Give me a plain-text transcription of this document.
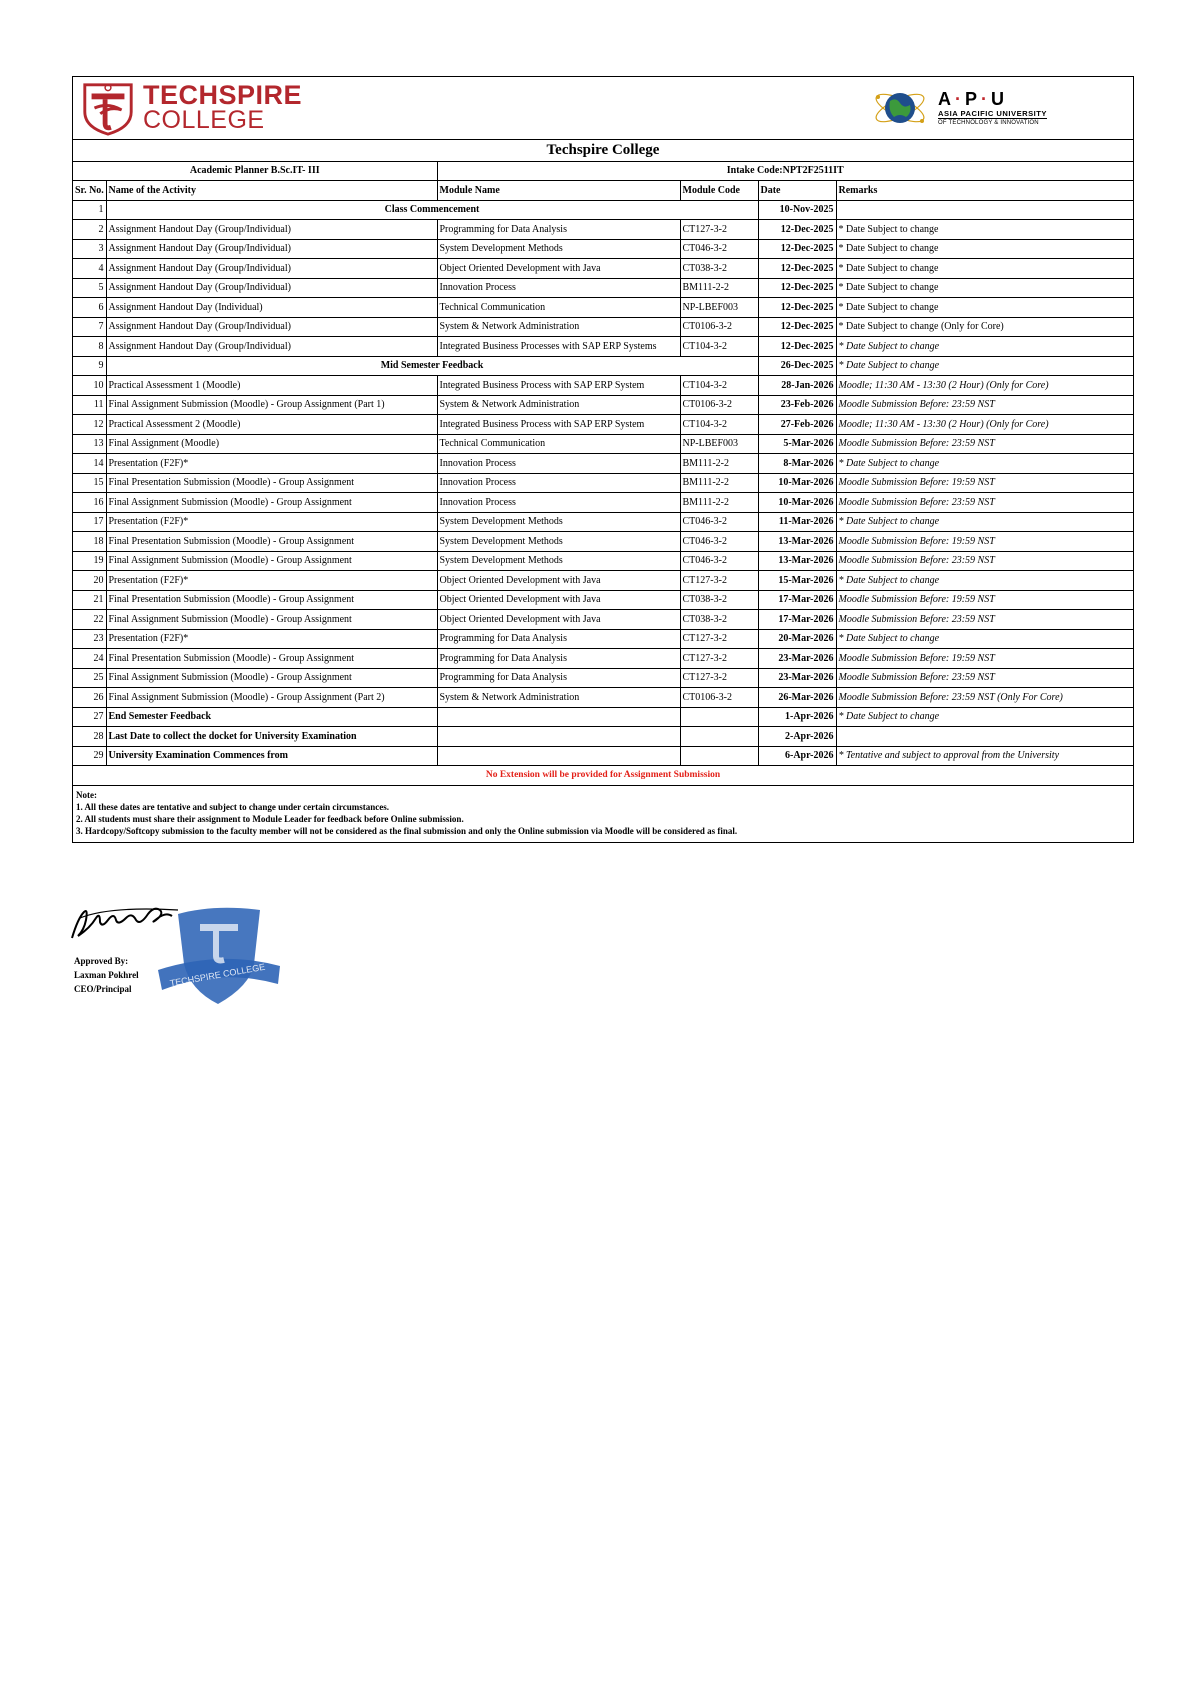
TECHSPIRE
COLLEGE
A·P·U
ASIA PACIFIC UNIVERSITY
OF TECHNOLOGY & INNOVATION
Techspire College					
Academic Planner B.Sc.IT- III		Intake Code:NPT2F2511IT			
Sr. No.	Name of the Activity	Module Name	Module Code	Date	Remarks
1	Class Commencement			10-Nov-2025	
2	Assignment Handout Day (Group/Individual)	Programming for Data Analysis	CT127-3-2	12-Dec-2025	* Date Subject to change
3	Assignment Handout Day (Group/Individual)	System Development Methods	CT046-3-2	12-Dec-2025	* Date Subject to change
4	Assignment Handout Day (Group/Individual)	Object Oriented Development with Java	CT038-3-2	12-Dec-2025	* Date Subject to change
5	Assignment Handout Day (Group/Individual)	Innovation Process	BM111-2-2	12-Dec-2025	* Date Subject to change
6	Assignment Handout Day (Individual)	Technical Communication	NP-LBEF003	12-Dec-2025	* Date Subject to change
7	Assignment Handout Day (Group/Individual)	System & Network Administration	CT0106-3-2	12-Dec-2025	* Date Subject to change (Only for Core)
8	Assignment Handout Day (Group/Individual)	Integrated Business Processes with SAP ERP Systems	CT104-3-2	12-Dec-2025	* Date Subject to change
9	Mid Semester Feedback			26-Dec-2025	* Date Subject to change
10	Practical Assessment 1 (Moodle)	Integrated Business Process with SAP ERP System	CT104-3-2	28-Jan-2026	Moodle; 11:30 AM - 13:30 (2 Hour) (Only for Core)
11	Final Assignment Submission (Moodle) - Group Assignment (Part 1)	System & Network Administration	CT0106-3-2	23-Feb-2026	Moodle Submission Before: 23:59 NST
12	Practical Assessment 2 (Moodle)	Integrated Business Process with SAP ERP System	CT104-3-2	27-Feb-2026	Moodle; 11:30 AM - 13:30 (2 Hour) (Only for Core)
13	Final Assignment (Moodle)	Technical Communication	NP-LBEF003	5-Mar-2026	Moodle Submission Before: 23:59 NST
14	Presentation (F2F)*	Innovation Process	BM111-2-2	8-Mar-2026	* Date Subject to change
15	Final Presentation Submission (Moodle) - Group Assignment	Innovation Process	BM111-2-2	10-Mar-2026	Moodle Submission Before: 19:59 NST
16	Final Assignment Submission (Moodle) - Group Assignment	Innovation Process	BM111-2-2	10-Mar-2026	Moodle Submission Before: 23:59 NST
17	Presentation (F2F)*	System Development Methods	CT046-3-2	11-Mar-2026	* Date Subject to change
18	Final Presentation Submission (Moodle) - Group Assignment	System Development Methods	CT046-3-2	13-Mar-2026	Moodle Submission Before: 19:59 NST
19	Final Assignment Submission (Moodle) - Group Assignment	System Development Methods	CT046-3-2	13-Mar-2026	Moodle Submission Before: 23:59 NST
20	Presentation (F2F)*	Object Oriented Development with Java	CT127-3-2	15-Mar-2026	* Date Subject to change
21	Final Presentation Submission (Moodle) - Group Assignment	Object Oriented Development with Java	CT038-3-2	17-Mar-2026	Moodle Submission Before: 19:59 NST
22	Final Assignment Submission (Moodle) - Group Assignment	Object Oriented Development with Java	CT038-3-2	17-Mar-2026	Moodle Submission Before: 23:59 NST
23	Presentation (F2F)*	Programming for Data Analysis	CT127-3-2	20-Mar-2026	* Date Subject to change
24	Final Presentation Submission (Moodle) - Group Assignment	Programming for Data Analysis	CT127-3-2	23-Mar-2026	Moodle Submission Before: 19:59 NST
25	Final Assignment Submission (Moodle) - Group Assignment	Programming for Data Analysis	CT127-3-2	23-Mar-2026	Moodle Submission Before: 23:59 NST
26	Final Assignment Submission (Moodle) - Group Assignment (Part 2)	System & Network Administration	CT0106-3-2	26-Mar-2026	Moodle Submission Before: 23:59 NST (Only For Core)
27	End Semester Feedback			1-Apr-2026	* Date Subject to change
28	Last Date to collect the docket for University Examination			2-Apr-2026	
29	University Examination Commences from			6-Apr-2026	* Tentative and subject to approval from the University
No Extension will be provided for Assignment Submission
Note:
1. All these dates are tentative and subject to change under certain circumstances.
2. All students must share their assignment to Module Leader for feedback before Online submission.
3. Hardcopy/Softcopy submission to the faculty member will not be considered as the final submission and only the Online submission via Moodle will be considered as final.
Approved By:
Laxman Pokhrel
CEO/Principal
TECHSPIRE COLLEGE
